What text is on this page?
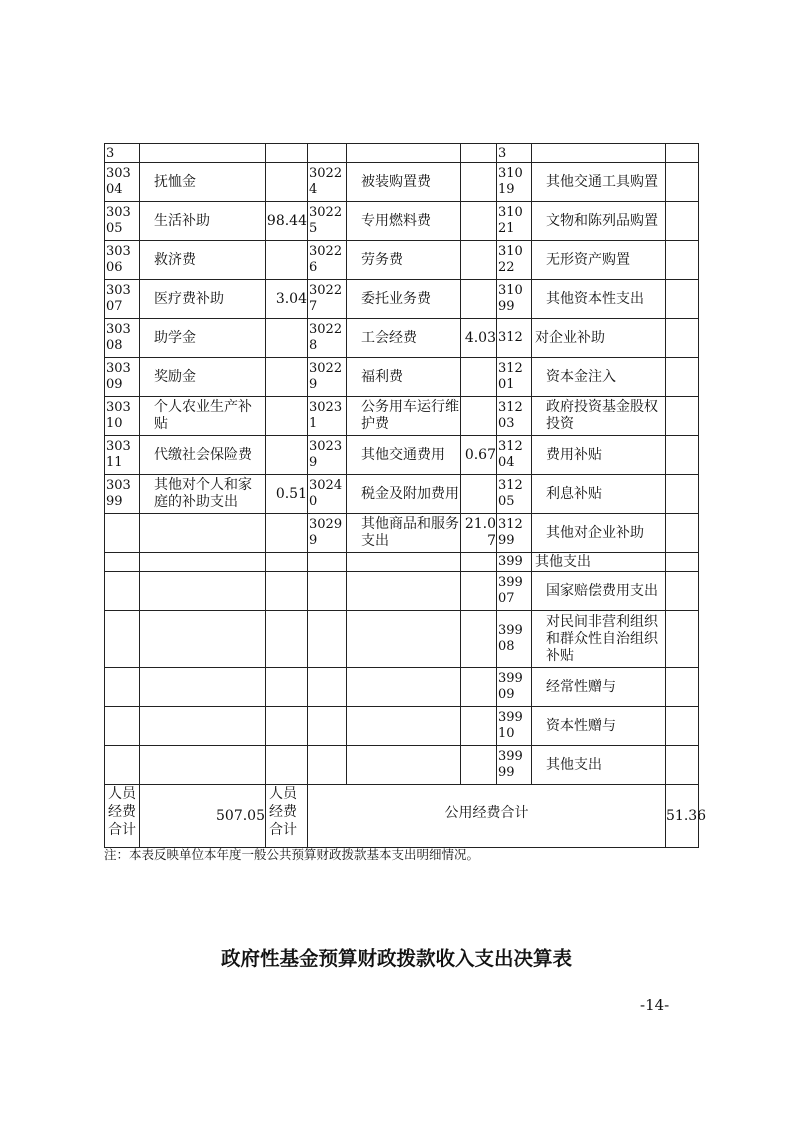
3						3		
30304	抚恤金		30224	被装购置费		31019	其他交通工具购置	
30305	生活补助	98.44	30225	专用燃料费		31021	文物和陈列品购置	
30306	救济费		30226	劳务费		31022	无形资产购置	
30307	医疗费补助	3.04	30227	委托业务费		31099	其他资本性支出	
30308	助学金		30228	工会经费	4.03	312	对企业补助	
30309	奖励金		30229	福利费		31201	资本金注入	
30310	个人农业生产补贴		30231	公务用车运行维护费		31203	政府投资基金股权投资	
30311	代缴社会保险费		30239	其他交通费用	0.67	31204	费用补贴	
30399	其他对个人和家庭的补助支出	0.51	30240	税金及附加费用		31205	利息补贴	
			30299	其他商品和服务支出	21.07	31299	其他对企业补助	
						399	其他支出	
						39907	国家赔偿费用支出	
						39908	对民间非营利组织和群众性自治组织补贴	
						39909	经常性赠与	
						39910	资本性赠与	
						39999	其他支出	
人员经费合计	507.05	人员经费合计	公用经费合计					51.36
注：本表反映单位本年度一般公共预算财政拨款基本支出明细情况。
政府性基金预算财政拨款收入支出决算表
-14-
